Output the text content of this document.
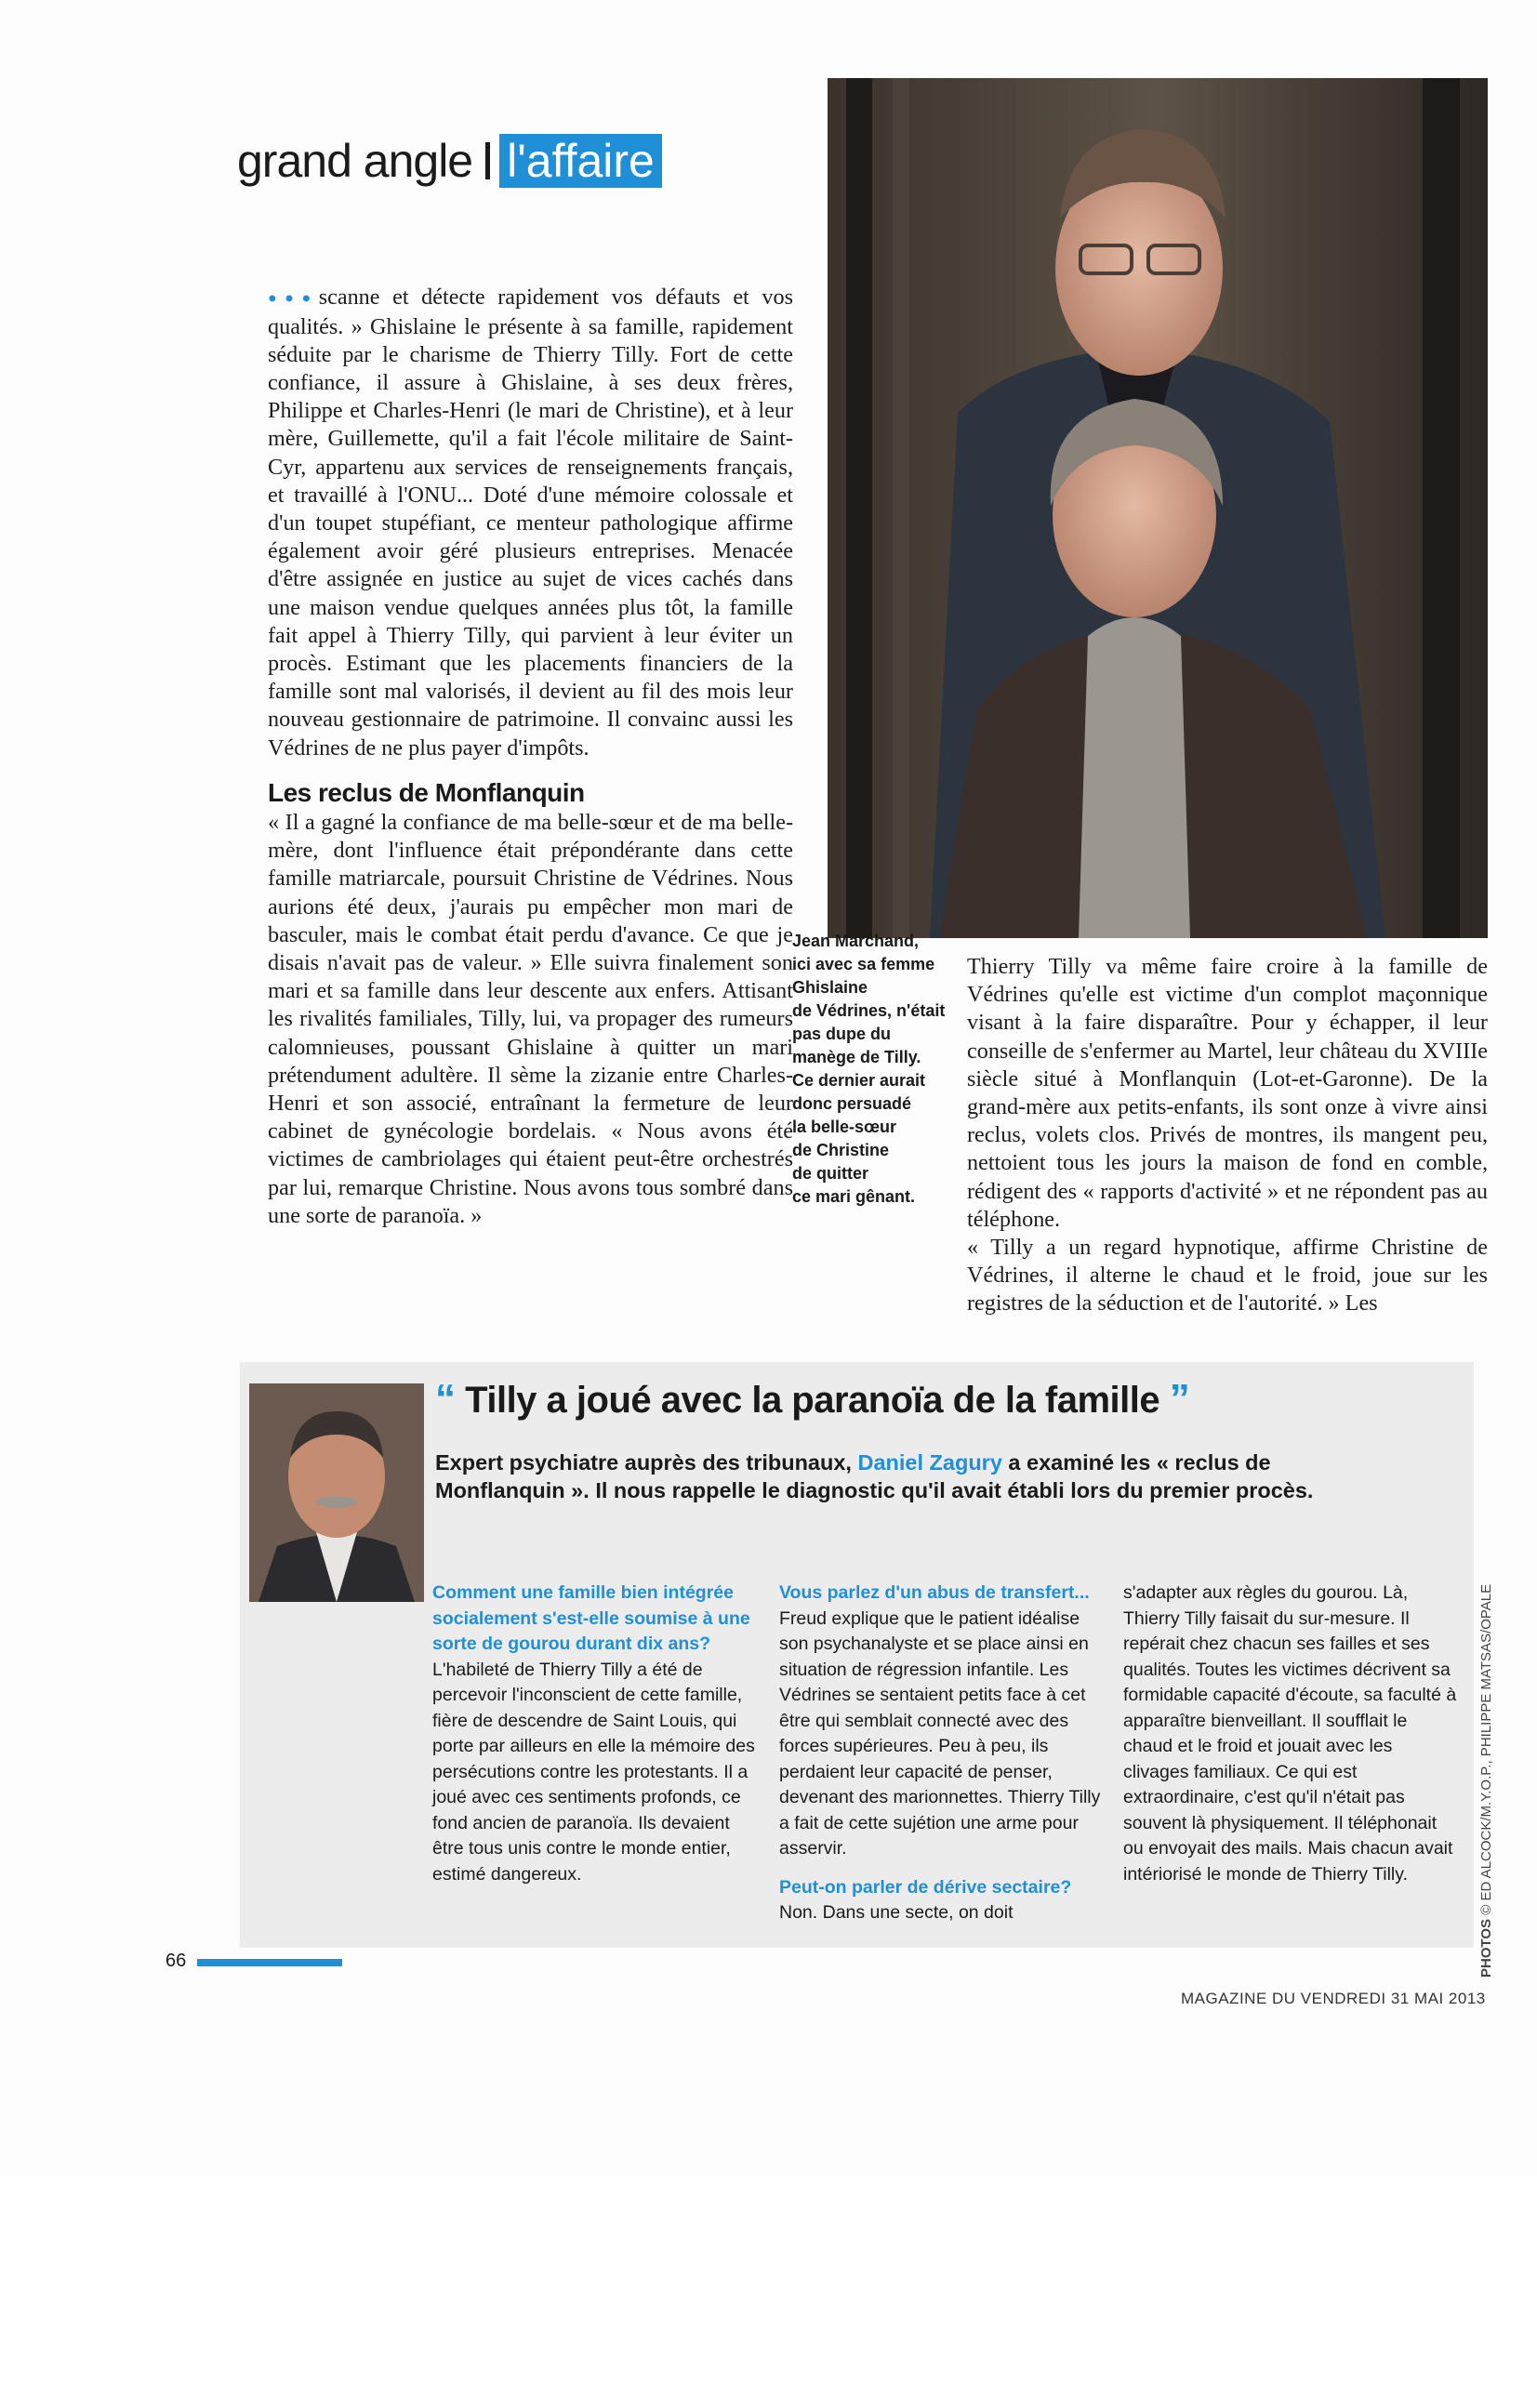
grand angle l'affaire

●●●scanne et détecte rapidement vos défauts et vos qualités. » Ghislaine le présente à sa famille, rapidement séduite par le charisme de Thierry Tilly. Fort de cette confiance, il assure à Ghislaine, à ses deux frères, Philippe et Charles-Henri (le mari de Christine), et à leur mère, Guillemette, qu'il a fait l'école militaire de Saint-Cyr, appartenu aux services de renseignements français, et travaillé à l'ONU... Doté d'une mémoire colossale et d'un toupet stupéfiant, ce menteur pathologique affirme également avoir géré plusieurs entreprises. Menacée d'être assignée en justice au sujet de vices cachés dans une maison vendue quelques années plus tôt, la famille fait appel à Thierry Tilly, qui parvient à leur éviter un procès. Estimant que les placements financiers de la famille sont mal valorisés, il devient au fil des mois leur nouveau gestionnaire de patrimoine. Il convainc aussi les Védrines de ne plus payer d'impôts.

Les reclus de Monflanquin

« Il a gagné la confiance de ma belle-sœur et de ma belle-mère, dont l'influence était prépondérante dans cette famille matriarcale, poursuit Christine de Védrines. Nous aurions été deux, j'aurais pu empêcher mon mari de basculer, mais le combat était perdu d'avance. Ce que je disais n'avait pas de valeur. » Elle suivra finalement son mari et sa famille dans leur descente aux enfers. Attisant les rivalités familiales, Tilly, lui, va propager des rumeurs calomnieuses, poussant Ghislaine à quitter un mari prétendument adultère. Il sème la zizanie entre Charles-Henri et son associé, entraînant la fermeture de leur cabinet de gynécologie bordelais. « Nous avons été victimes de cambriolages qui étaient peut-être orchestrés par lui, remarque Christine. Nous avons tous sombré dans une sorte de paranoïa. »

Jean Marchand,
ici avec sa femme
Ghislaine
de Védrines, n'était
pas dupe du
manège de Tilly.
Ce dernier aurait
donc persuadé
la belle-sœur
de Christine
de quitter
ce mari gênant.

Thierry Tilly va même faire croire à la famille de Védrines qu'elle est victime d'un complot maçonnique visant à la faire disparaître. Pour y échapper, il leur conseille de s'enfermer au Martel, leur château du XVIIIe siècle situé à Monflanquin (Lot-et-Garonne). De la grand-mère aux petits-enfants, ils sont onze à vivre ainsi reclus, volets clos. Privés de montres, ils mangent peu, nettoient tous les jours la maison de fond en comble, rédigent des « rapports d'activité » et ne répondent pas au téléphone.

« Tilly a un regard hypnotique, affirme Christine de Védrines, il alterne le chaud et le froid, joue sur les registres de la séduction et de l'autorité. » Les

“ Tilly a joué avec la paranoïa de la famille ”
Expert psychiatre auprès des tribunaux, Daniel Zagury a examiné les « reclus de Monflanquin ». Il nous rappelle le diagnostic qu'il avait établi lors du premier procès.
Comment une famille bien intégrée socialement s'est-elle soumise à une sorte de gourou durant dix ans?

L'habileté de Thierry Tilly a été de percevoir l'inconscient de cette famille, fière de descendre de Saint Louis, qui porte par ailleurs en elle la mémoire des persécutions contre les protestants. Il a joué avec ces sentiments profonds, ce fond ancien de paranoïa. Ils devaient être tous unis contre le monde entier, estimé dangereux.

Vous parlez d'un abus de transfert...

Freud explique que le patient idéalise son psychanalyste et se place ainsi en situation de régression infantile. Les Védrines se sentaient petits face à cet être qui semblait connecté avec des forces supérieures. Peu à peu, ils perdaient leur capacité de penser, devenant des marionnettes. Thierry Tilly a fait de cette sujétion une arme pour asservir.

Peut-on parler de dérive sectaire?

Non. Dans une secte, on doit

s'adapter aux règles du gourou. Là, Thierry Tilly faisait du sur-mesure. Il repérait chez chacun ses failles et ses qualités. Toutes les victimes décrivent sa formidable capacité d'écoute, sa faculté à apparaître bienveillant. Il soufflait le chaud et le froid et jouait avec les clivages familiaux. Ce qui est extraordinaire, c'est qu'il n'était pas souvent là physiquement. Il téléphonait ou envoyait des mails. Mais chacun avait intériorisé le monde de Thierry Tilly.

66
MAGAZINE DU VENDREDI 31 MAI 2013
PHOTOS © ED ALCOCK/M.Y.O.P., PHILIPPE MATSAS/OPALE
